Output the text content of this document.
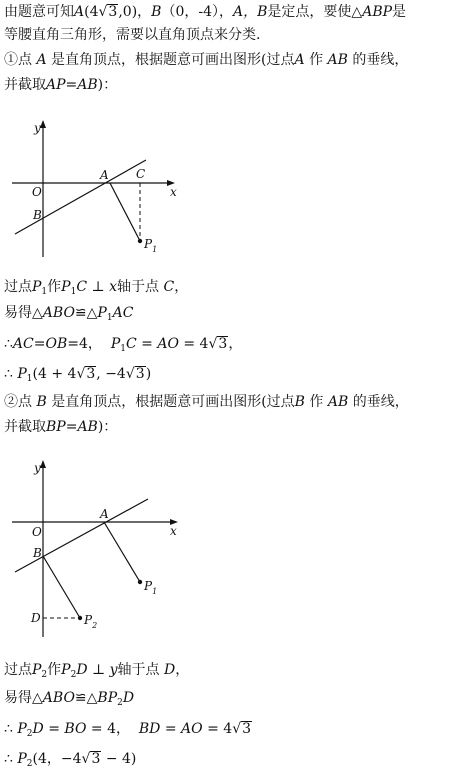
由题意可知A(4√3,0)，B（0，-4），A，B是定点，要使△ABP是
等腰直角三角形，需要以直角顶点来分类.
①点 A 是直角顶点，根据题意可画出图形(过点A 作 AB 的垂线，
并截取AP=AB)：
y
x
O
A
B
C
$P_1$
过点$P_1$作$P_1C$ ⊥ x轴于点 C，
易得$\triangle ABO≌\triangle P_1AC$
∴AC=OB=4， $P_1C$ = AO = 4√3，
∴ $P_1(4 + 4√3$, −4√3)
②点 B 是直角顶点，根据题意可画出图形(过点B 作 AB 的垂线，
并截取BP=AB)：
y
x
O
A
B
D
$P_1$
$P_2$
过点$P_2$作$P_2D$ ⊥ y轴于点 D，
易得$\triangle ABO≌\triangle BP_2D$
∴ $P_2D$ = BO = 4， BD = AO = 4√3
∴ $P_2(4$，−4√3 − 4)
